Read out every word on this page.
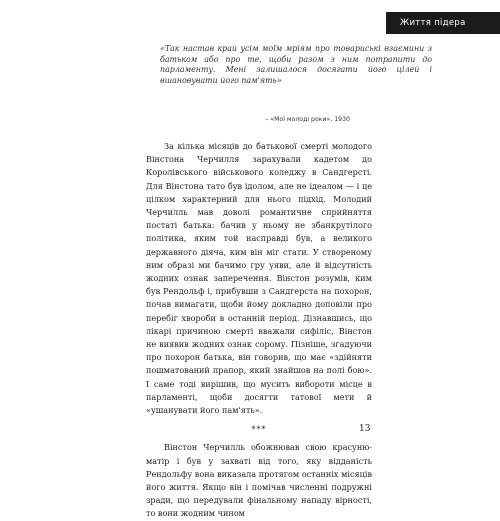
Життя підера
«Так настав край усім моїм мріям про товариські взаємини з батьком або про те, щоби разом з ним потрапити до парламенту. Мені залишалося досягати його цілей і вшановувати його пам'ять»
– «Мої молоді роки», 1930

За кілька місяців до батькової смерті молодого Вінстона Черчилля зарахували кадетом до Королівського військового коледжу в Сандгерсті. Для Вінстона тато був ідолом, але не ідеалом — і це цілком характерний для нього підхід. Молодий Черчилль мав доволі романтичне сприйняття постаті батька: бачив у ньому не збанкрутілого політика, яким той насправді був, а великого державного діяча, ким він міг стати. У створеному ним образі ми бачимо гру уяви, але й відсутність жодних ознак заперечення. Вінстон розумів, ким був Рендольф і, прибувши з Сандгерста на похорон, почав вимагати, щоби йому докладно доповіли про перебіг хвороби в останній період. Дізнавшись, що лікарі причиною смерті вважали сифіліс, Вінстон не виявив жодних ознак сорому. Пізніше, згадуючи про похорон батька, він говорив, що має «здійняти пошматований прапор, який знайшов на полі бою». І саме тоді вирішив, що мусить вибороти місце в парламенті, щоби досягти татової мети й «ушанувати його пам'ять».

***

Вінстон Черчилль обожнював свою красуню-матір і був у захваті від того, яку відданість Рендольфу вона виказала протягом останніх місяців його життя. Якщо він і помічав численні подружні зради, що передували фінальному нападу вірності, то вони жодним чином

13
